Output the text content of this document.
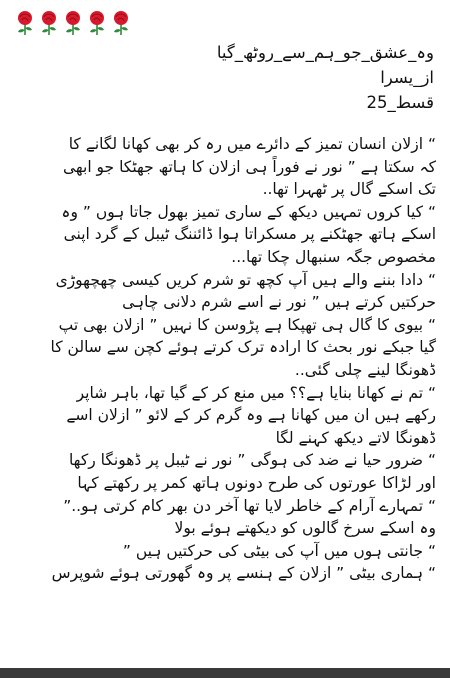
وہ_عشق_جو_ہم_سے_روٹھ_گیا
از_یسرا
قسط_25
“ ازلان انسان تمیز کے دائرے میں رہ کر بھی کھانا لگانے کا
کہ سکتا ہے ” نور نے فوراً ہی ازلان کا ہاتھ جھٹکا جو ابھی
تک اسکے گال پر ٹھہرا تھا..
“ کیا کروں تمہیں دیکھ کے ساری تمیز بھول جاتا ہوں ” وہ
اسکے ہاتھ جھٹکنے پر مسکراتا ہوا ڈائننگ ٹیبل کے گرد اپنی
مخصوص جگہ سنبھال چکا تھا...
“ دادا بننے والے ہیں آپ کچھ تو شرم کریں کیسی چھچھوڑی
حرکتیں کرتے ہیں ” نور نے اسے شرم دلانی چاہی
“ بیوی کا گال ہی تھپکا ہے پڑوسن کا نہیں ” ازلان بھی تپ
گیا جبکے نور بحث کا ارادہ ترک کرتے ہوئے کچن سے سالن کا
ڈھونگا لینے چلی گئی..
“ تم نے کھانا بنایا ہے؟؟ میں منع کر کے گیا تھا، باہر شاپر
رکھے ہیں ان میں کھانا ہے وہ گرم کر کے لائو ” ازلان اسے
ڈھونگا لاتے دیکھ کہنے لگا
“ ضرور حیا نے ضد کی ہوگی ” نور نے ٹیبل پر ڈھونگا رکھا
اور لڑاکا عورتوں کی طرح دونوں ہاتھ کمر پر رکھتے کہا
“ تمہارے آرام کے خاطر لایا تھا آخر دن بھر کام کرتی ہو..”
وہ اسکے سرخ گالوں کو دیکھتے ہوئے بولا
“ جانتی ہوں میں آپ کی بیٹی کی حرکتیں ہیں ”
“ ہماری بیٹی ” ازلان کے ہنسے پر وہ گھورتی ہوئے شوپرس
